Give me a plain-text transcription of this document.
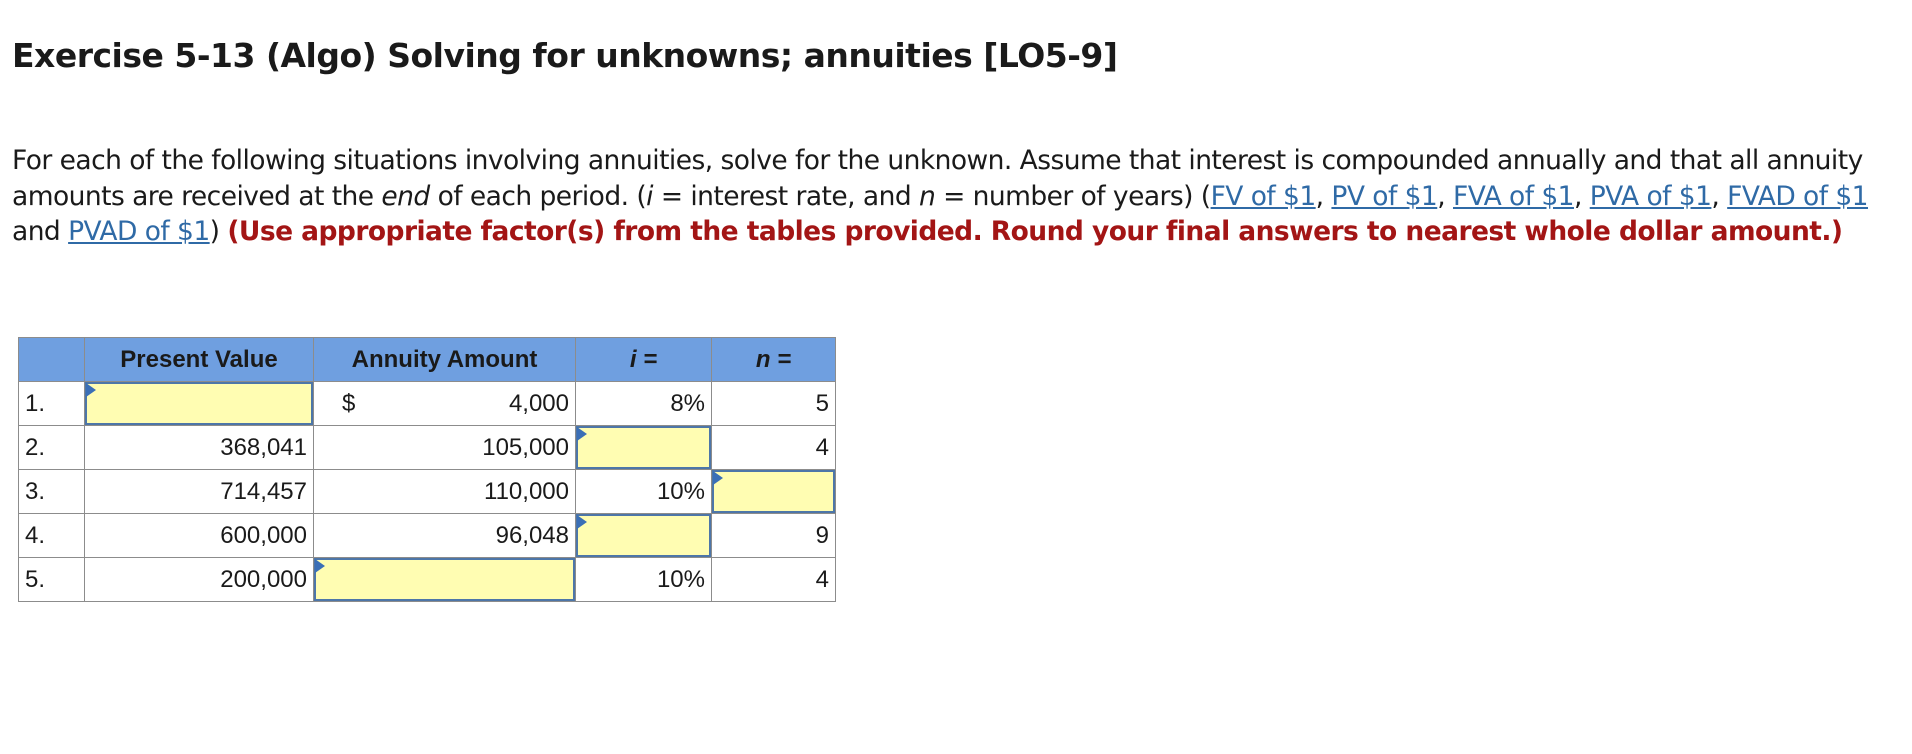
Exercise 5-13 (Algo) Solving for unknowns; annuities [LO5-9]

For each of the following situations involving annuities, solve for the unknown. Assume that interest is compounded annually and that all annuity amounts are received at the end of each period. (i = interest rate, and n = number of years) (FV of $1, PV of $1, FVA of $1, PVA of $1, FVAD of $1 and PVAD of $1) (Use appropriate factor(s) from the tables provided. Round your final answers to nearest whole dollar amount.)

	Present Value	Annuity Amount	i =	n =
1.		$ 4,000	8%	5
2.	368,041	105,000		4
3.	714,457	110,000	10%	

4.	600,000	96,048		9
5.	200,000		10%	4
